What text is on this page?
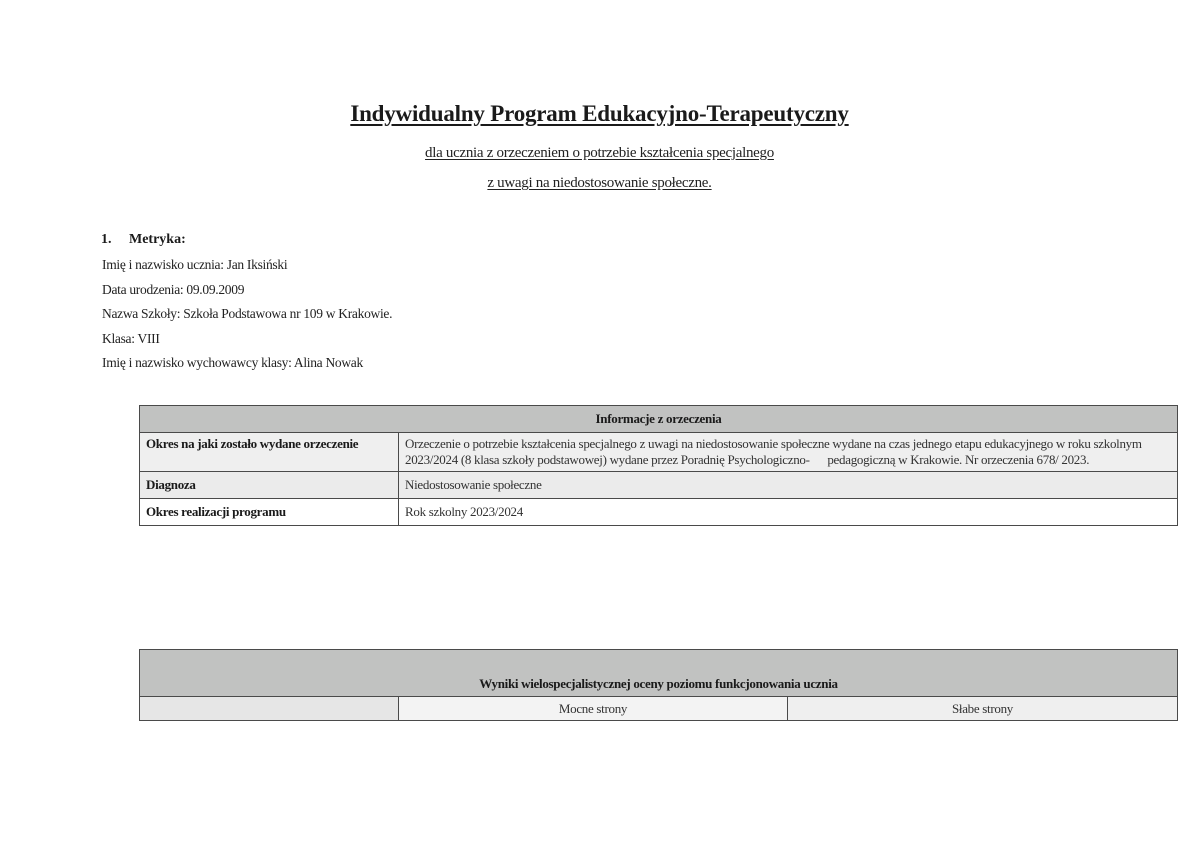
Indywidualny Program Edukacyjno-Terapeutyczny
dla ucznia z orzeczeniem o potrzebie kształcenia specjalnego
z uwagi na niedostosowanie społeczne.
1. Metryka:
Imię i nazwisko ucznia: Jan Iksiński
Data urodzenia: 09.09.2009
Nazwa Szkoły: Szkoła Podstawowa nr 109 w Krakowie.
Klasa: VIII
Imię i nazwisko wychowawcy klasy: Alina Nowak
Informacje z orzeczenia	
Okres na jaki zostało wydane orzeczenie	Orzeczenie o potrzebie kształcenia specjalnego z uwagi na niedostosowanie społeczne wydane na czas jednego etapu edukacyjnego w roku szkolnym 2023/2024 (8 klasa szkoły podstawowej) wydane przez Poradnię Psychologiczno-      pedagogiczną w Krakowie. Nr orzeczenia 678/ 2023.
Diagnoza	Niedostosowanie społeczne
Okres realizacji programu	Rok szkolny 2023/2024
Wyniki wielospecjalistycznej oceny poziomu funkcjonowania ucznia
	Mocne strony	Słabe strony
